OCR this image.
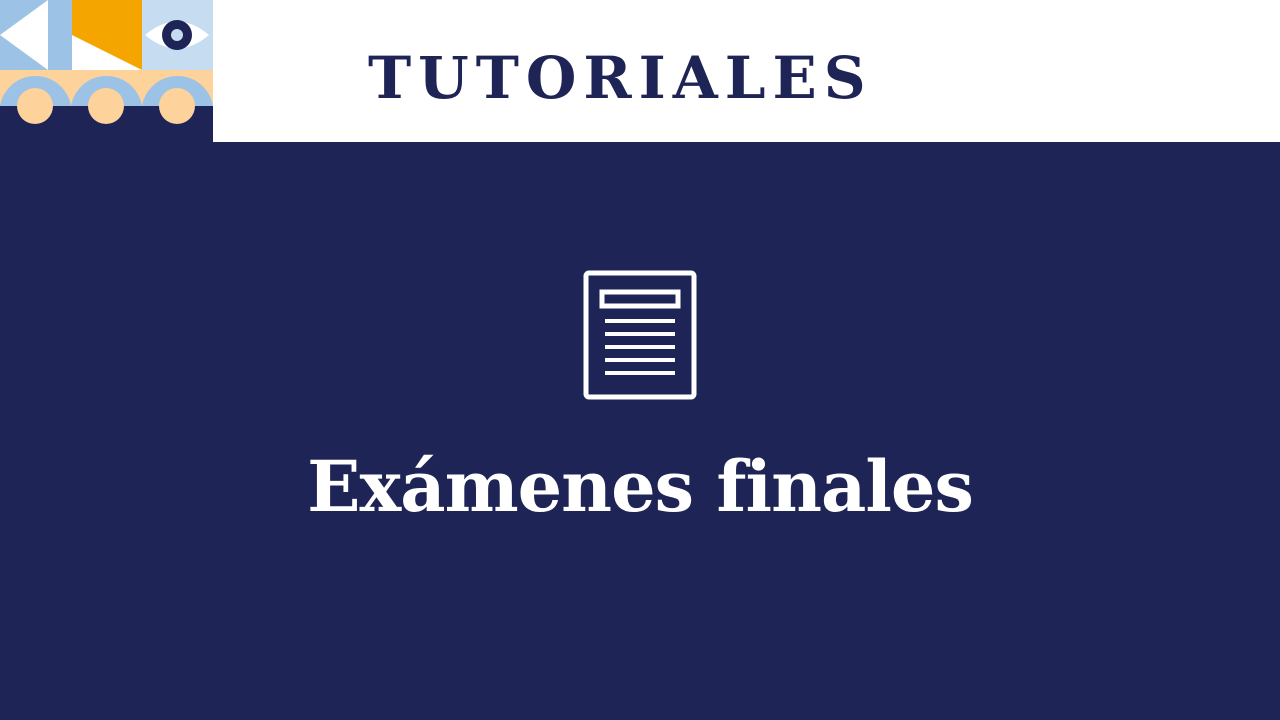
TUTORIALES
Exámenes finales
